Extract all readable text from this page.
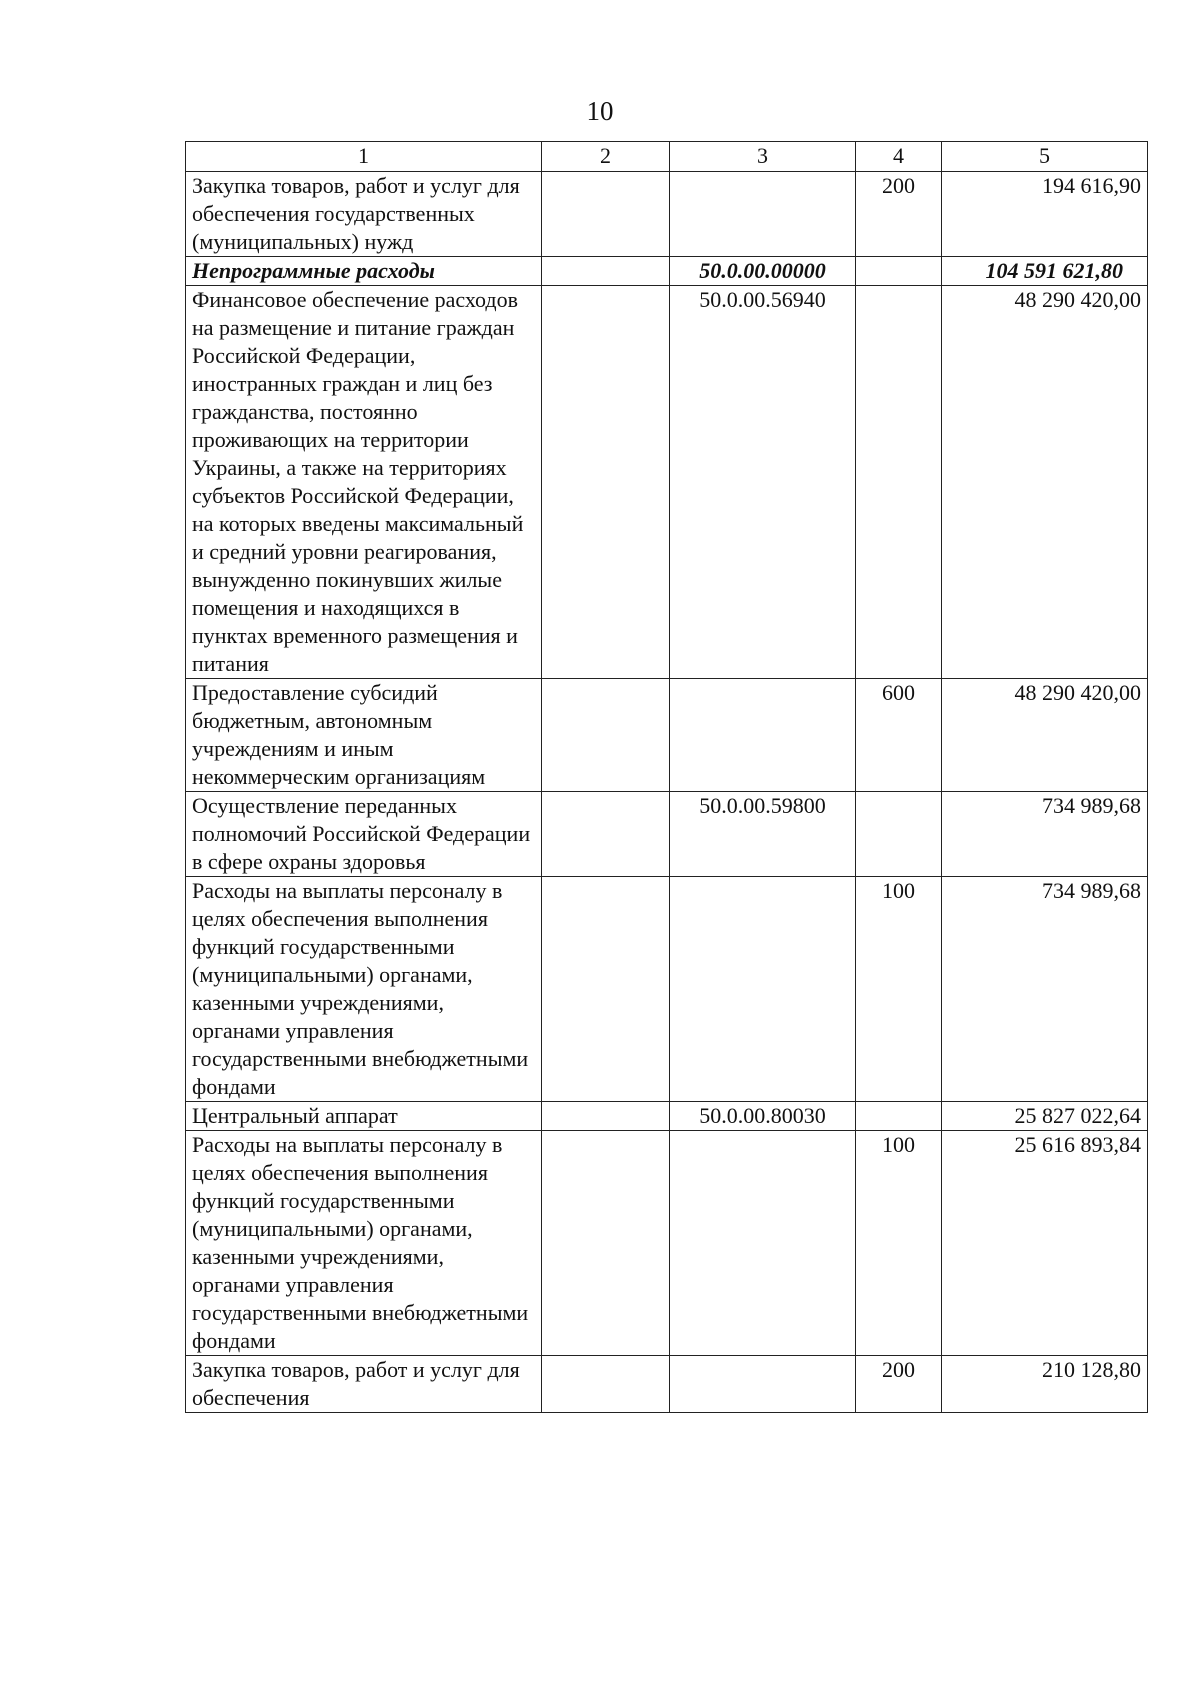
10
1	2	3	4	5
Закупка товаров, работ и услуг для обеспечения государственных (муниципальных) нужд			200	194 616,90
Непрограммные расходы		50.0.00.00000		104 591 621,80
Финансовое обеспечение расходов на размещение и питание граждан Российской Федерации, иностранных граждан и лиц без гражданства, постоянно проживающих на территории Украины, а также на территориях субъектов Российской Федерации, на которых введены максимальный и средний уровни реагирования, вынужденно покинувших жилые помещения и находящихся в пунктах временного размещения и питания		50.0.00.56940		48 290 420,00
Предоставление субсидий бюджетным, автономным учреждениям и иным некоммерческим организациям			600	48 290 420,00
Осуществление переданных полномочий Российской Федерации в сфере охраны здоровья		50.0.00.59800		734 989,68
Расходы на выплаты персоналу в целях обеспечения выполнения функций государственными (муниципальными) органами, казенными учреждениями, органами управления государственными внебюджетными фондами			100	734 989,68
Центральный аппарат		50.0.00.80030		25 827 022,64
Расходы на выплаты персоналу в целях обеспечения выполнения функций государственными (муниципальными) органами, казенными учреждениями, органами управления государственными внебюджетными фондами			100	25 616 893,84
Закупка товаров, работ и услуг для обеспечения			200	210 128,80
